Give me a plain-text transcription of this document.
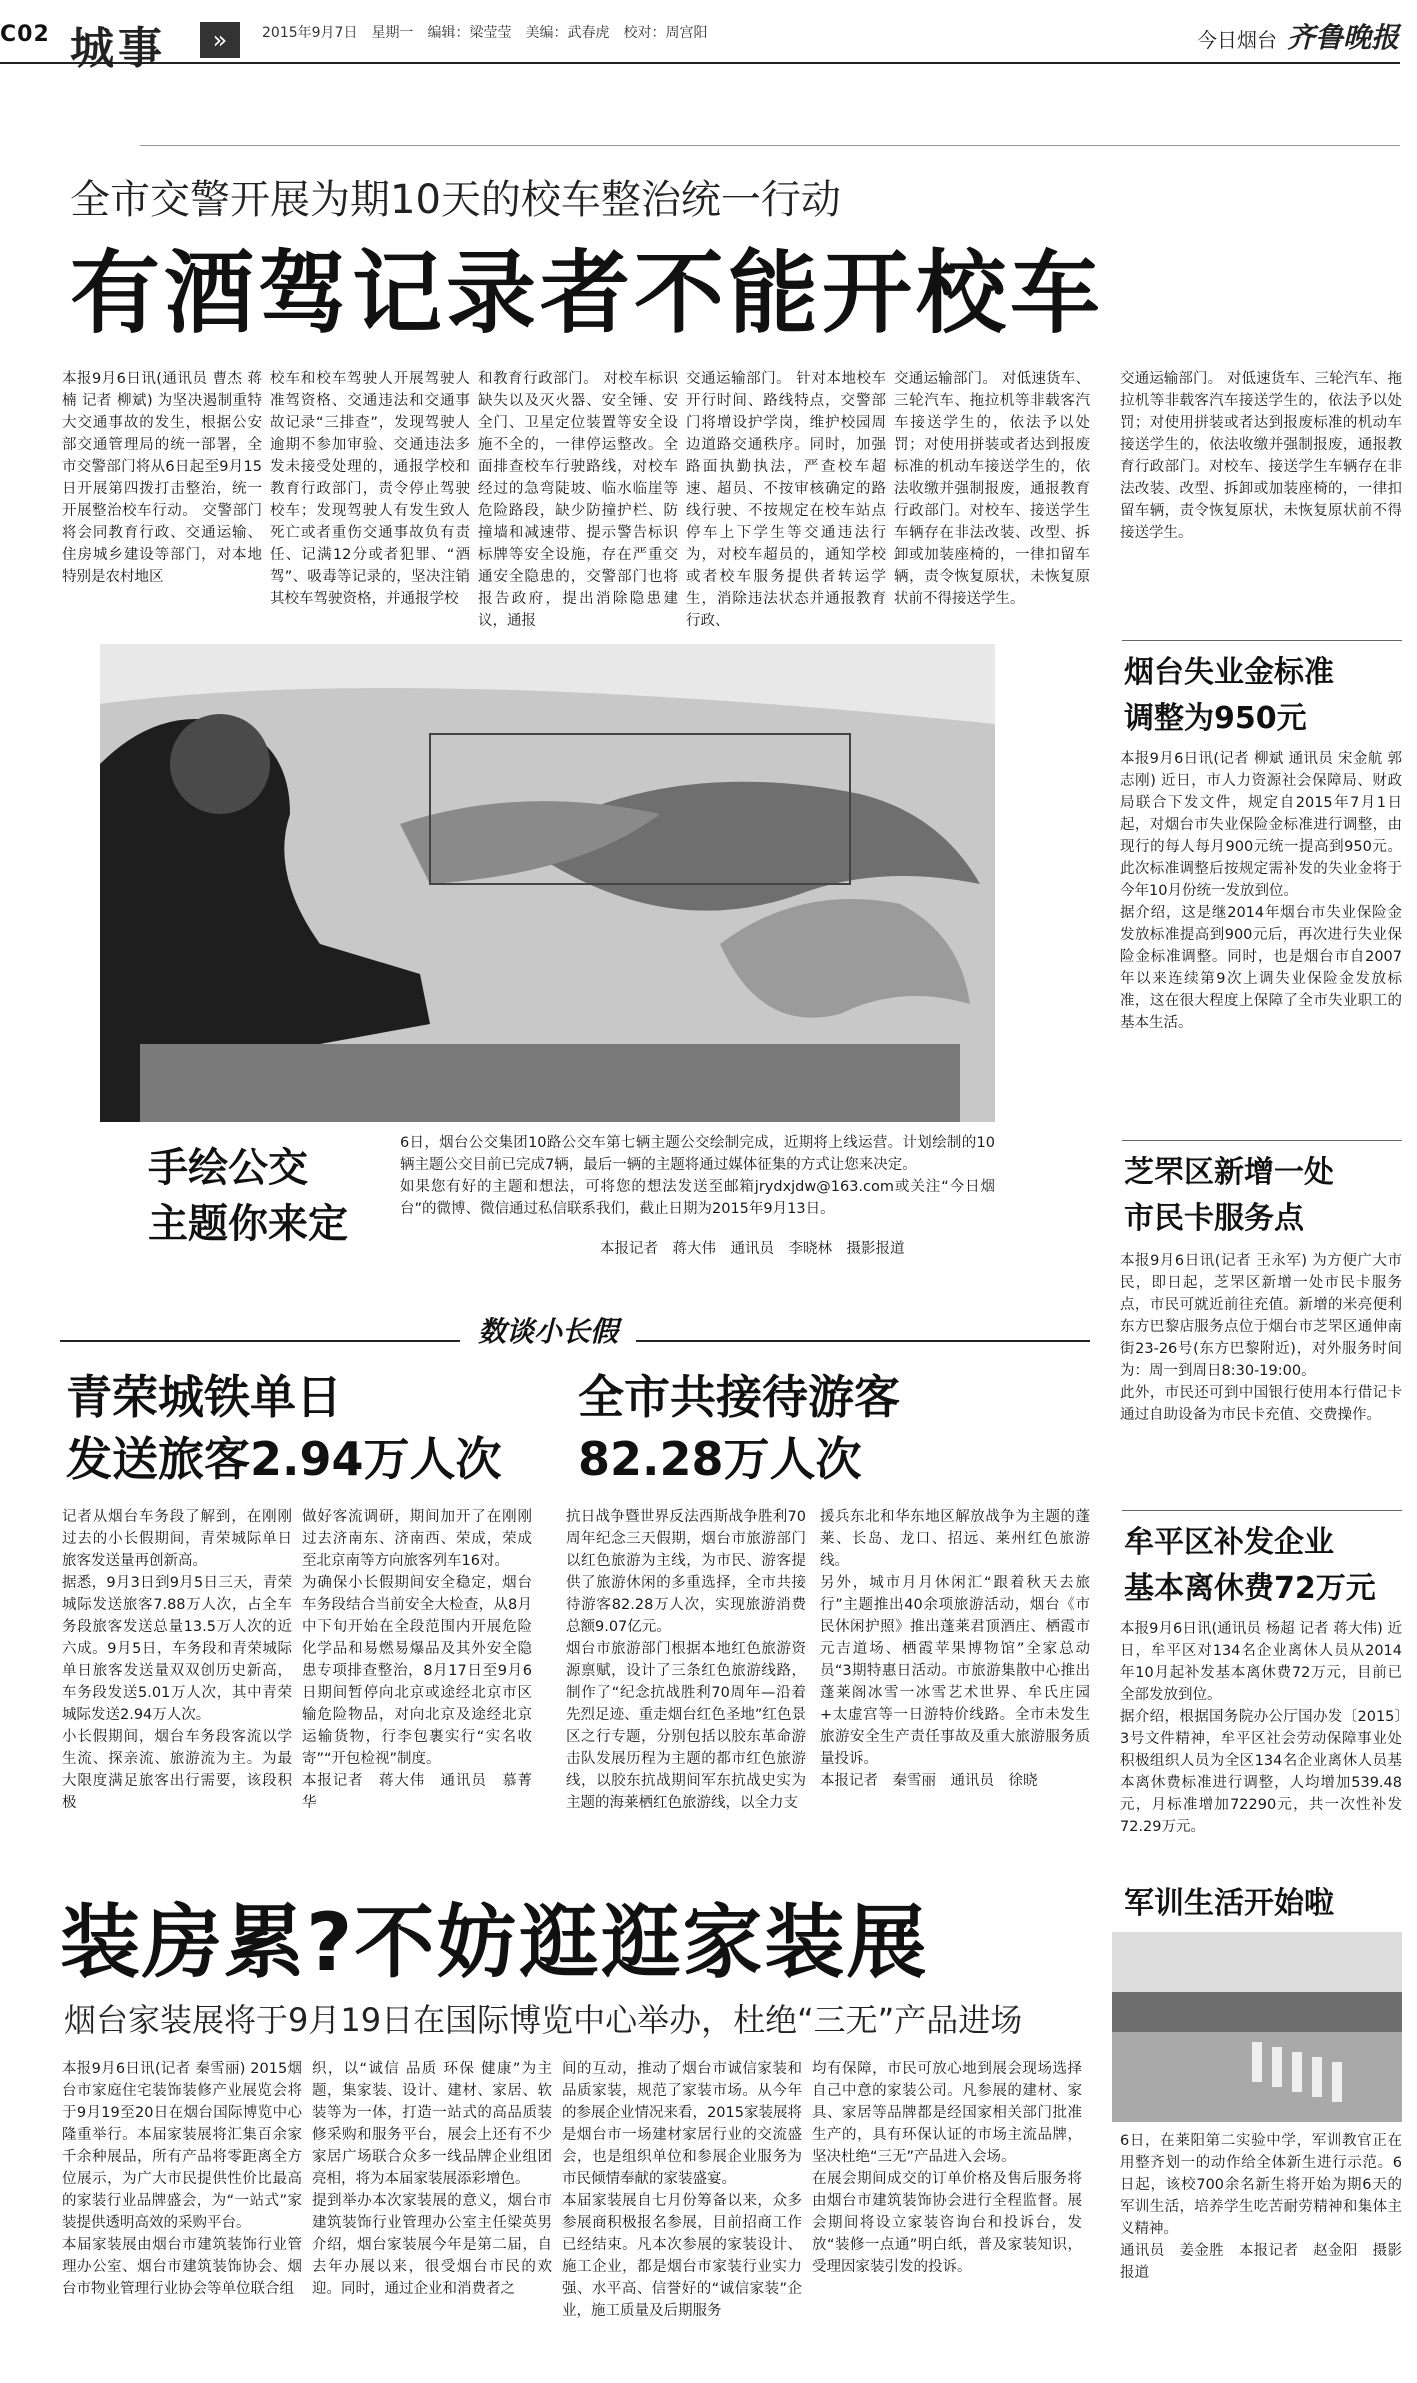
C02 城事	»	2015年9月7日　星期一　编辑：梁莹莹　美编：武春虎　校对：周宫阳	今日烟台 齐鲁晚报
全市交警开展为期10天的校车整治统一行动
有酒驾记录者不能开校车
本报9月6日讯(通讯员 曹杰 蒋楠 记者 柳斌) 为坚决遏制重特大交通事故的发生，根据公安部交通管理局的统一部署，全市交警部门将从6日起至9月15日开展第四拨打击整治，统一开展整治校车行动。 交警部门将会同教育行政、交通运输、住房城乡建设等部门，对本地特别是农村地区
校车和校车驾驶人开展驾驶人准驾资格、交通违法和交通事故记录“三排查”，发现驾驶人逾期不参加审验、交通违法多发未接受处理的，通报学校和教育行政部门，责令停止驾驶校车；发现驾驶人有发生致人死亡或者重伤交通事故负有责任、记满12分或者犯罪、“酒驾”、吸毒等记录的，坚决注销其校车驾驶资格，并通报学校
和教育行政部门。 对校车标识缺失以及灭火器、安全锤、安全门、卫星定位装置等安全设施不全的，一律停运整改。全面排查校车行驶路线，对校车经过的急弯陡坡、临水临崖等危险路段，缺少防撞护栏、防撞墙和减速带、提示警告标识标牌等安全设施，存在严重交通安全隐患的，交警部门也将报告政府，提出消除隐患建议，通报
交通运输部门。 针对本地校车开行时间、路线特点，交警部门将增设护学岗，维护校园周边道路交通秩序。同时，加强路面执勤执法，严查校车超速、超员、不按审核确定的路线行驶、不按规定在校车站点停车上下学生等交通违法行为，对校车超员的，通知学校或者校车服务提供者转运学生，消除违法状态并通报教育行政、
交通运输部门。 对低速货车、三轮汽车、拖拉机等非载客汽车接送学生的，依法予以处罚；对使用拼装或者达到报废标准的机动车接送学生的，依法收缴并强制报废，通报教育行政部门。对校车、接送学生车辆存在非法改装、改型、拆卸或加装座椅的，一律扣留车辆，责令恢复原状，未恢复原状前不得接送学生。
交通运输部门。 对低速货车、三轮汽车、拖拉机等非载客汽车接送学生的，依法予以处罚；对使用拼装或者达到报废标准的机动车接送学生的，依法收缴并强制报废，通报教育行政部门。对校车、接送学生车辆存在非法改装、改型、拆卸或加装座椅的，一律扣留车辆，责令恢复原状，未恢复原状前不得接送学生。
手绘公交
主题你来定
6日，烟台公交集团10路公交车第七辆主题公交绘制完成，近期将上线运营。计划绘制的10辆主题公交目前已完成7辆，最后一辆的主题将通过媒体征集的方式让您来决定。
如果您有好的主题和想法，可将您的想法发送至邮箱jrydxjdw@163.com或关注“今日烟台”的微博、微信通过私信联系我们，截止日期为2015年9月13日。
本报记者　蒋大伟　通讯员　李晓林　摄影报道
烟台失业金标准
调整为950元
本报9月6日讯(记者 柳斌 通讯员 宋金航 郭志刚) 近日，市人力资源社会保障局、财政局联合下发文件，规定自2015年7月1日起，对烟台市失业保险金标准进行调整，由现行的每人每月900元统一提高到950元。此次标准调整后按规定需补发的失业金将于今年10月份统一发放到位。
据介绍，这是继2014年烟台市失业保险金发放标准提高到900元后，再次进行失业保险金标准调整。同时，也是烟台市自2007年以来连续第9次上调失业保险金发放标准，这在很大程度上保障了全市失业职工的基本生活。
芝罘区新增一处
市民卡服务点
本报9月6日讯(记者 王永军) 为方便广大市民，即日起，芝罘区新增一处市民卡服务点，市民可就近前往充值。新增的米亮便利东方巴黎店服务点位于烟台市芝罘区通伸南街23-26号(东方巴黎附近)，对外服务时间为：周一到周日8:30-19:00。
此外，市民还可到中国银行使用本行借记卡通过自助设备为市民卡充值、交费操作。
牟平区补发企业
基本离休费72万元
本报9月6日讯(通讯员 杨超 记者 蒋大伟) 近日，牟平区对134名企业离休人员从2014年10月起补发基本离休费72万元，目前已全部发放到位。
据介绍，根据国务院办公厅国办发〔2015〕3号文件精神，牟平区社会劳动保障事业处积极组织人员为全区134名企业离休人员基本离休费标准进行调整，人均增加539.48元，月标准增加72290元，共一次性补发72.29万元。
数谈小长假
青荣城铁单日
发送旅客2.94万人次
记者从烟台车务段了解到，在刚刚过去的小长假期间，青荣城际单日旅客发送量再创新高。
据悉，9月3日到9月5日三天，青荣城际发送旅客7.88万人次，占全车务段旅客发送总量13.5万人次的近六成。9月5日，车务段和青荣城际单日旅客发送量双双创历史新高，车务段发送5.01万人次，其中青荣城际发送2.94万人次。
小长假期间，烟台车务段客流以学生流、探亲流、旅游流为主。为最大限度满足旅客出行需要，该段积极
做好客流调研，期间加开了在刚刚过去济南东、济南西、荣成，荣成至北京南等方向旅客列车16对。
为确保小长假期间安全稳定，烟台车务段结合当前安全大检查，从8月中下旬开始在全段范围内开展危险化学品和易燃易爆品及其外安全隐患专项排查整治，8月17日至9月6日期间暂停向北京或途经北京市区输危险物品，对向北京及途经北京运输货物，行李包裹实行“实名收寄”“开包检视”制度。
本报记者　蒋大伟　通讯员　慕菁华
全市共接待游客
82.28万人次
抗日战争暨世界反法西斯战争胜利70周年纪念三天假期，烟台市旅游部门以红色旅游为主线，为市民、游客提供了旅游休闲的多重选择，全市共接待游客82.28万人次，实现旅游消费总额9.07亿元。
烟台市旅游部门根据本地红色旅游资源禀赋，设计了三条红色旅游线路，制作了“纪念抗战胜利70周年—沿着先烈足迹、重走烟台红色圣地”红色景区之行专题，分别包括以胶东革命游击队发展历程为主题的都市红色旅游线，以胶东抗战期间军东抗战史实为主题的海莱栖红色旅游线，以全力支
援兵东北和华东地区解放战争为主题的蓬莱、长岛、龙口、招远、莱州红色旅游线。
另外，城市月月休闲汇“跟着秋天去旅行”主题推出40余项旅游活动，烟台《市民休闲护照》推出蓬莱君顶酒庄、栖霞市元吉道场、栖霞苹果博物馆”全家总动员“3期特惠日活动。市旅游集散中心推出蓬莱阁冰雪一冰雪艺术世界、牟氏庄园+太虚宫等一日游特价线路。全市未发生旅游安全生产责任事故及重大旅游服务质量投诉。
本报记者　秦雪丽　通讯员　徐晓
装房累?不妨逛逛家装展
烟台家装展将于9月19日在国际博览中心举办，杜绝“三无”产品进场
本报9月6日讯(记者 秦雪丽) 2015烟台市家庭住宅装饰装修产业展览会将于9月19至20日在烟台国际博览中心隆重举行。本届家装展将汇集百余家千余种展品，所有产品将零距离全方位展示，为广大市民提供性价比最高的家装行业品牌盛会，为“一站式”家装提供透明高效的采购平台。
本届家装展由烟台市建筑装饰行业管理办公室、烟台市建筑装饰协会、烟台市物业管理行业协会等单位联合组
织，以“诚信 品质 环保 健康”为主题，集家装、设计、建材、家居、软装等为一体，打造一站式的高品质装修采购和服务平台，展会上还有不少家居广场联合众多一线品牌企业组团亮相，将为本届家装展添彩增色。
提到举办本次家装展的意义，烟台市建筑装饰行业管理办公室主任梁英男介绍，烟台家装展今年是第二届，自去年办展以来，很受烟台市民的欢迎。同时，通过企业和消费者之
间的互动，推动了烟台市诚信家装和品质家装，规范了家装市场。从今年的参展企业情况来看，2015家装展将是烟台市一场建材家居行业的交流盛会，也是组织单位和参展企业服务为市民倾情奉献的家装盛宴。
本届家装展自七月份筹备以来，众多参展商积极报名参展，目前招商工作已经结束。凡本次参展的家装设计、施工企业，都是烟台市家装行业实力强、水平高、信誉好的“诚信家装”企业，施工质量及后期服务
均有保障，市民可放心地到展会现场选择自己中意的家装公司。凡参展的建材、家具、家居等品牌都是经国家相关部门批准生产的，具有环保认证的市场主流品牌，坚决杜绝“三无”产品进入会场。
在展会期间成交的订单价格及售后服务将由烟台市建筑装饰协会进行全程监督。展会期间将设立家装咨询台和投诉台，发放“装修一点通”明白纸，普及家装知识，受理因家装引发的投诉。
军训生活开始啦
6日，在莱阳第二实验中学，军训教官正在用整齐划一的动作给全体新生进行示范。6日起，该校700余名新生将开始为期6天的军训生活，培养学生吃苦耐劳精神和集体主义精神。
通讯员　姜金胜　本报记者　赵金阳　摄影报道
